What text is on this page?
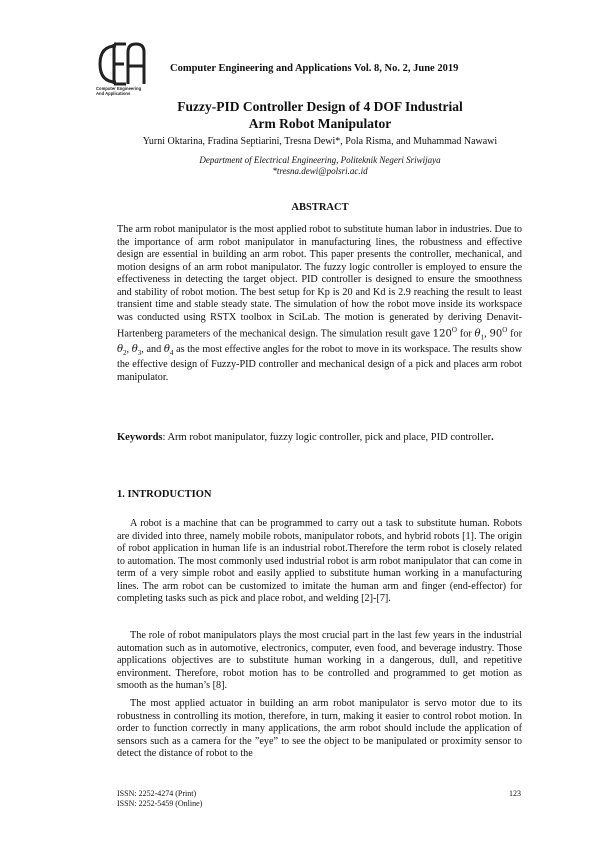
Computer Engineering
And Applications
Computer Engineering and Applications Vol. 8, No. 2, June 2019
Fuzzy-PID Controller Design of 4 DOF Industrial
Arm Robot Manipulator
Yurni Oktarina, Fradina Septiarini, Tresna Dewi*, Pola Risma, and Muhammad Nawawi
Department of Electrical Engineering, Politeknik Negeri Sriwijaya
*tresna.dewi@polsri.ac.id
ABSTRACT
The arm robot manipulator is the most applied robot to substitute human labor in industries. Due to the importance of arm robot manipulator in manufacturing lines, the robustness and effective design are essential in building an arm robot. This paper presents the controller, mechanical, and motion designs of an arm robot manipulator. The fuzzy logic controller is employed to ensure the effectiveness in detecting the target object. PID controller is designed to ensure the smoothness and stability of robot motion. The best setup for Kp is 20 and Kd is 2.9 reaching the result to least transient time and stable steady state. The simulation of how the robot move inside its workspace was conducted using RSTX toolbox in SciLab. The motion is generated by deriving Denavit-Hartenberg parameters of the mechanical design. The simulation result gave $120^O$ for $\theta_1$, $90^O$ for $\theta_2$, $\theta_3$, and $\theta_4$ as the most effective angles for the robot to move in its workspace. The results show the effective design of Fuzzy-PID controller and mechanical design of a pick and places arm robot manipulator.
Keywords: Arm robot manipulator, fuzzy logic controller, pick and place, PID controller.
1. INTRODUCTION
A robot is a machine that can be programmed to carry out a task to substitute human. Robots are divided into three, namely mobile robots, manipulator robots, and hybrid robots [1]. The origin of robot application in human life is an industrial robot.Therefore the term robot is closely related to automation. The most commonly used industrial robot is arm robot manipulator that can come in term of a very simple robot and easily applied to substitute human working in a manufacturing lines. The arm robot can be customized to imitate the human arm and finger (end-effector) for completing tasks such as pick and place robot, and welding [2]-[7].
The role of robot manipulators plays the most crucial part in the last few years in the industrial automation such as in automotive, electronics, computer, even food, and beverage industry. Those applications objectives are to substitute human working in a dangerous, dull, and repetitive environment. Therefore, robot motion has to be controlled and programmed to get motion as smooth as the human’s [8].
The most applied actuator in building an arm robot manipulator is servo motor due to its robustness in controlling its motion, therefore, in turn, making it easier to control robot motion. In order to function correctly in many applications, the arm robot should include the application of sensors such as a camera for the ”eye” to see the object to be manipulated or proximity sensor to detect the distance of robot to the
ISSN: 2252-4274 (Print)
ISSN: 2252-5459 (Online)
123
